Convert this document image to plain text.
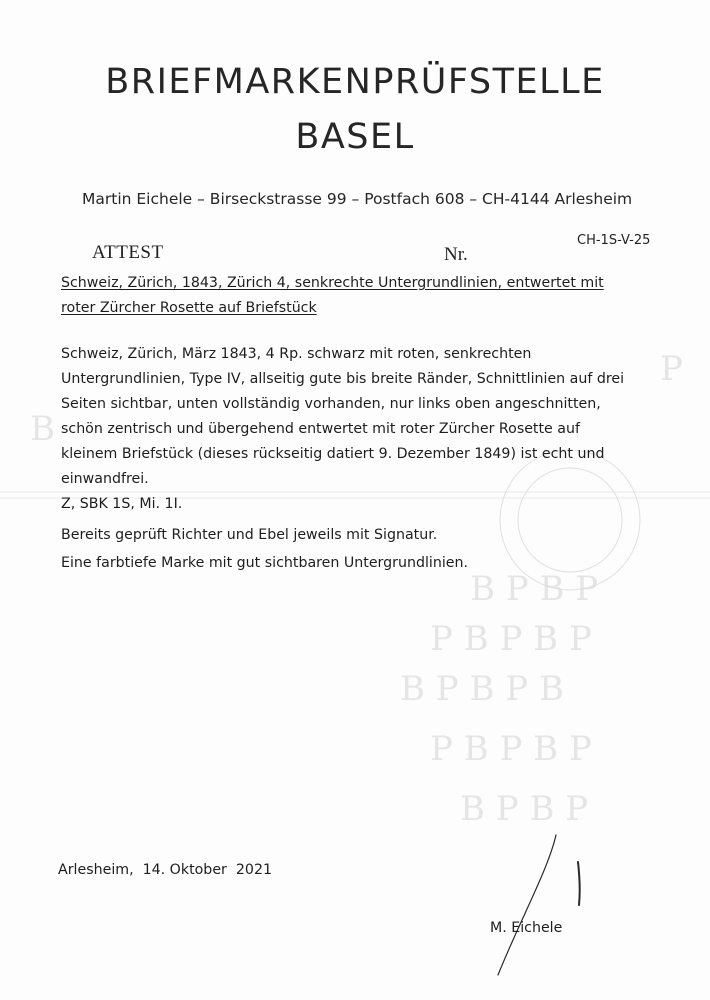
B P B P
P B P B P
B P B P B
P B P B P
B P B P
B
P
BRIEFMARKENPRÜFSTELLE
BASEL
Martin Eichele – Birseckstrasse 99 – Postfach 608 – CH-4144 Arlesheim
ATTEST	Nr.
CH-1S-V-25
Schweiz, Zürich, 1843, Zürich 4, senkrechte Untergrundlinien, entwertet mit
roter Zürcher Rosette auf Briefstück
Schweiz, Zürich, März 1843, 4 Rp. schwarz mit roten, senkrechten
Untergrundlinien, Type IV, allseitig gute bis breite Ränder, Schnittlinien auf drei
Seiten sichtbar, unten vollständig vorhanden, nur links oben angeschnitten,
schön zentrisch und übergehend entwertet mit roter Zürcher Rosette auf
kleinem Briefstück (dieses rückseitig datiert 9. Dezember 1849) ist echt und
einwandfrei.
Z, SBK 1S, Mi. 1I.
Bereits geprüft Richter und Ebel jeweils mit Signatur.
Eine farbtiefe Marke mit gut sichtbaren Untergrundlinien.
Arlesheim,  14. Oktober  2021
M. Eichele
